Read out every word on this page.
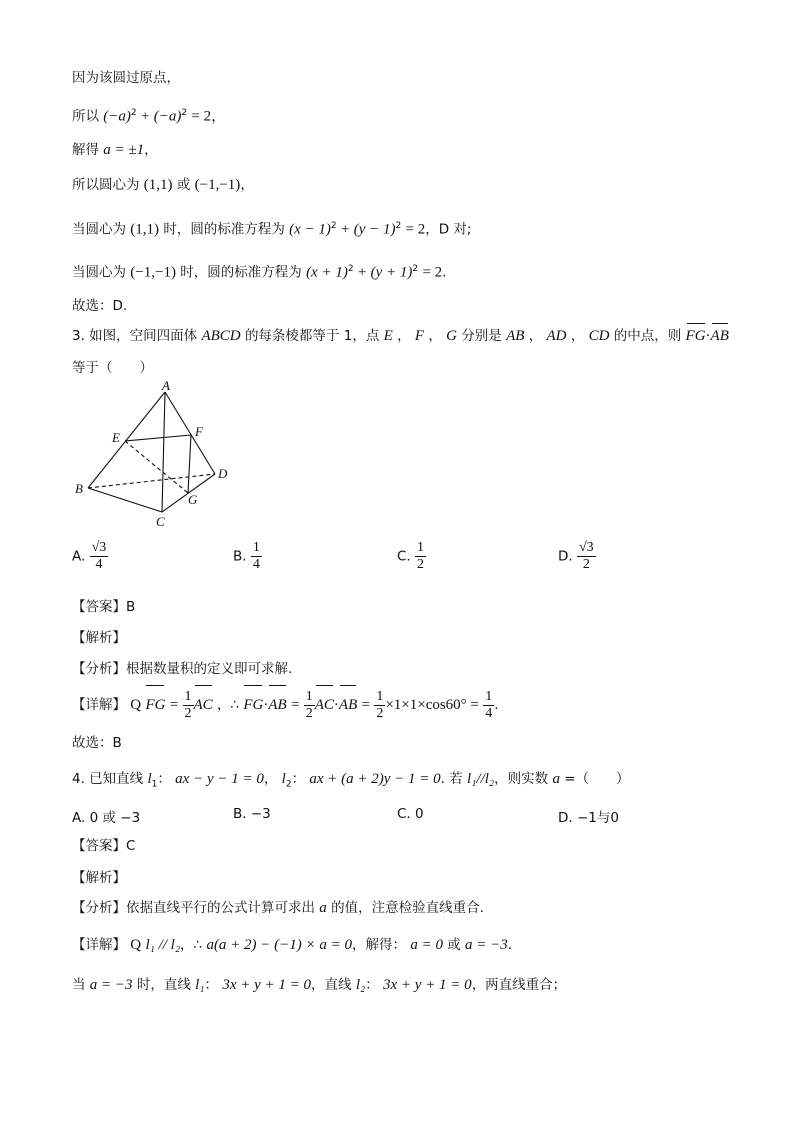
因为该圆过原点，
所以 $(-a)^2 + (-a)^2 = 2$，
解得 a = ±1，
所以圆心为 (1,1) 或 (−1,−1)，
当圆心为 (1,1) 时，圆的标准方程为 $(x - 1)^2 + (y - 1)^2 = 2$，D 对;
当圆心为 (−1,−1) 时，圆的标准方程为 $(x + 1)^2 + (y + 1)^2 = 2$.
故选：D.
3. 如图，空间四面体 ABCD 的每条棱都等于 1，点 E ， F ， G 分别是 AB ， AD ， CD 的中点，则 FG·AB
等于（　　）
A
B
C
D
E	F
G
A. $\frac{√3}{4}$	B. $\frac{1}{4}$	C. $\frac{1}{2}$	D. $\frac{√3}{2}$
【答案】B
【解析】
【分析】根据数量积的定义即可求解.
【详解】 Q FG = $\frac{1}{2}$ AC ，∴ $FG\cdot AB = \frac{1}{2} AC\cdot AB = \frac{1}{2} \times 1\times 1\times\cos 60^\circ = \frac{1}{4}$ .
故选：B
4. 已知直线 $l_1$： ax − y − 1 = 0， $l_2$： ax + (a + 2)y − 1 = 0. 若 l₁//l₂，则实数 a =（　　）
A. 0 或 −3	B. −3	C. 0	D. −1与0
【答案】C
【解析】
【分析】依据直线平行的公式计算可求出 a 的值，注意检验直线重合.
【详解】 Q l₁ // l₂，∴ a(a + 2) − (−1) × a = 0，解得： a = 0 或 a = −3.
当 a = −3 时，直线 l₁： 3x + y + 1 = 0，直线 l₂： 3x + y + 1 = 0，两直线重合；
